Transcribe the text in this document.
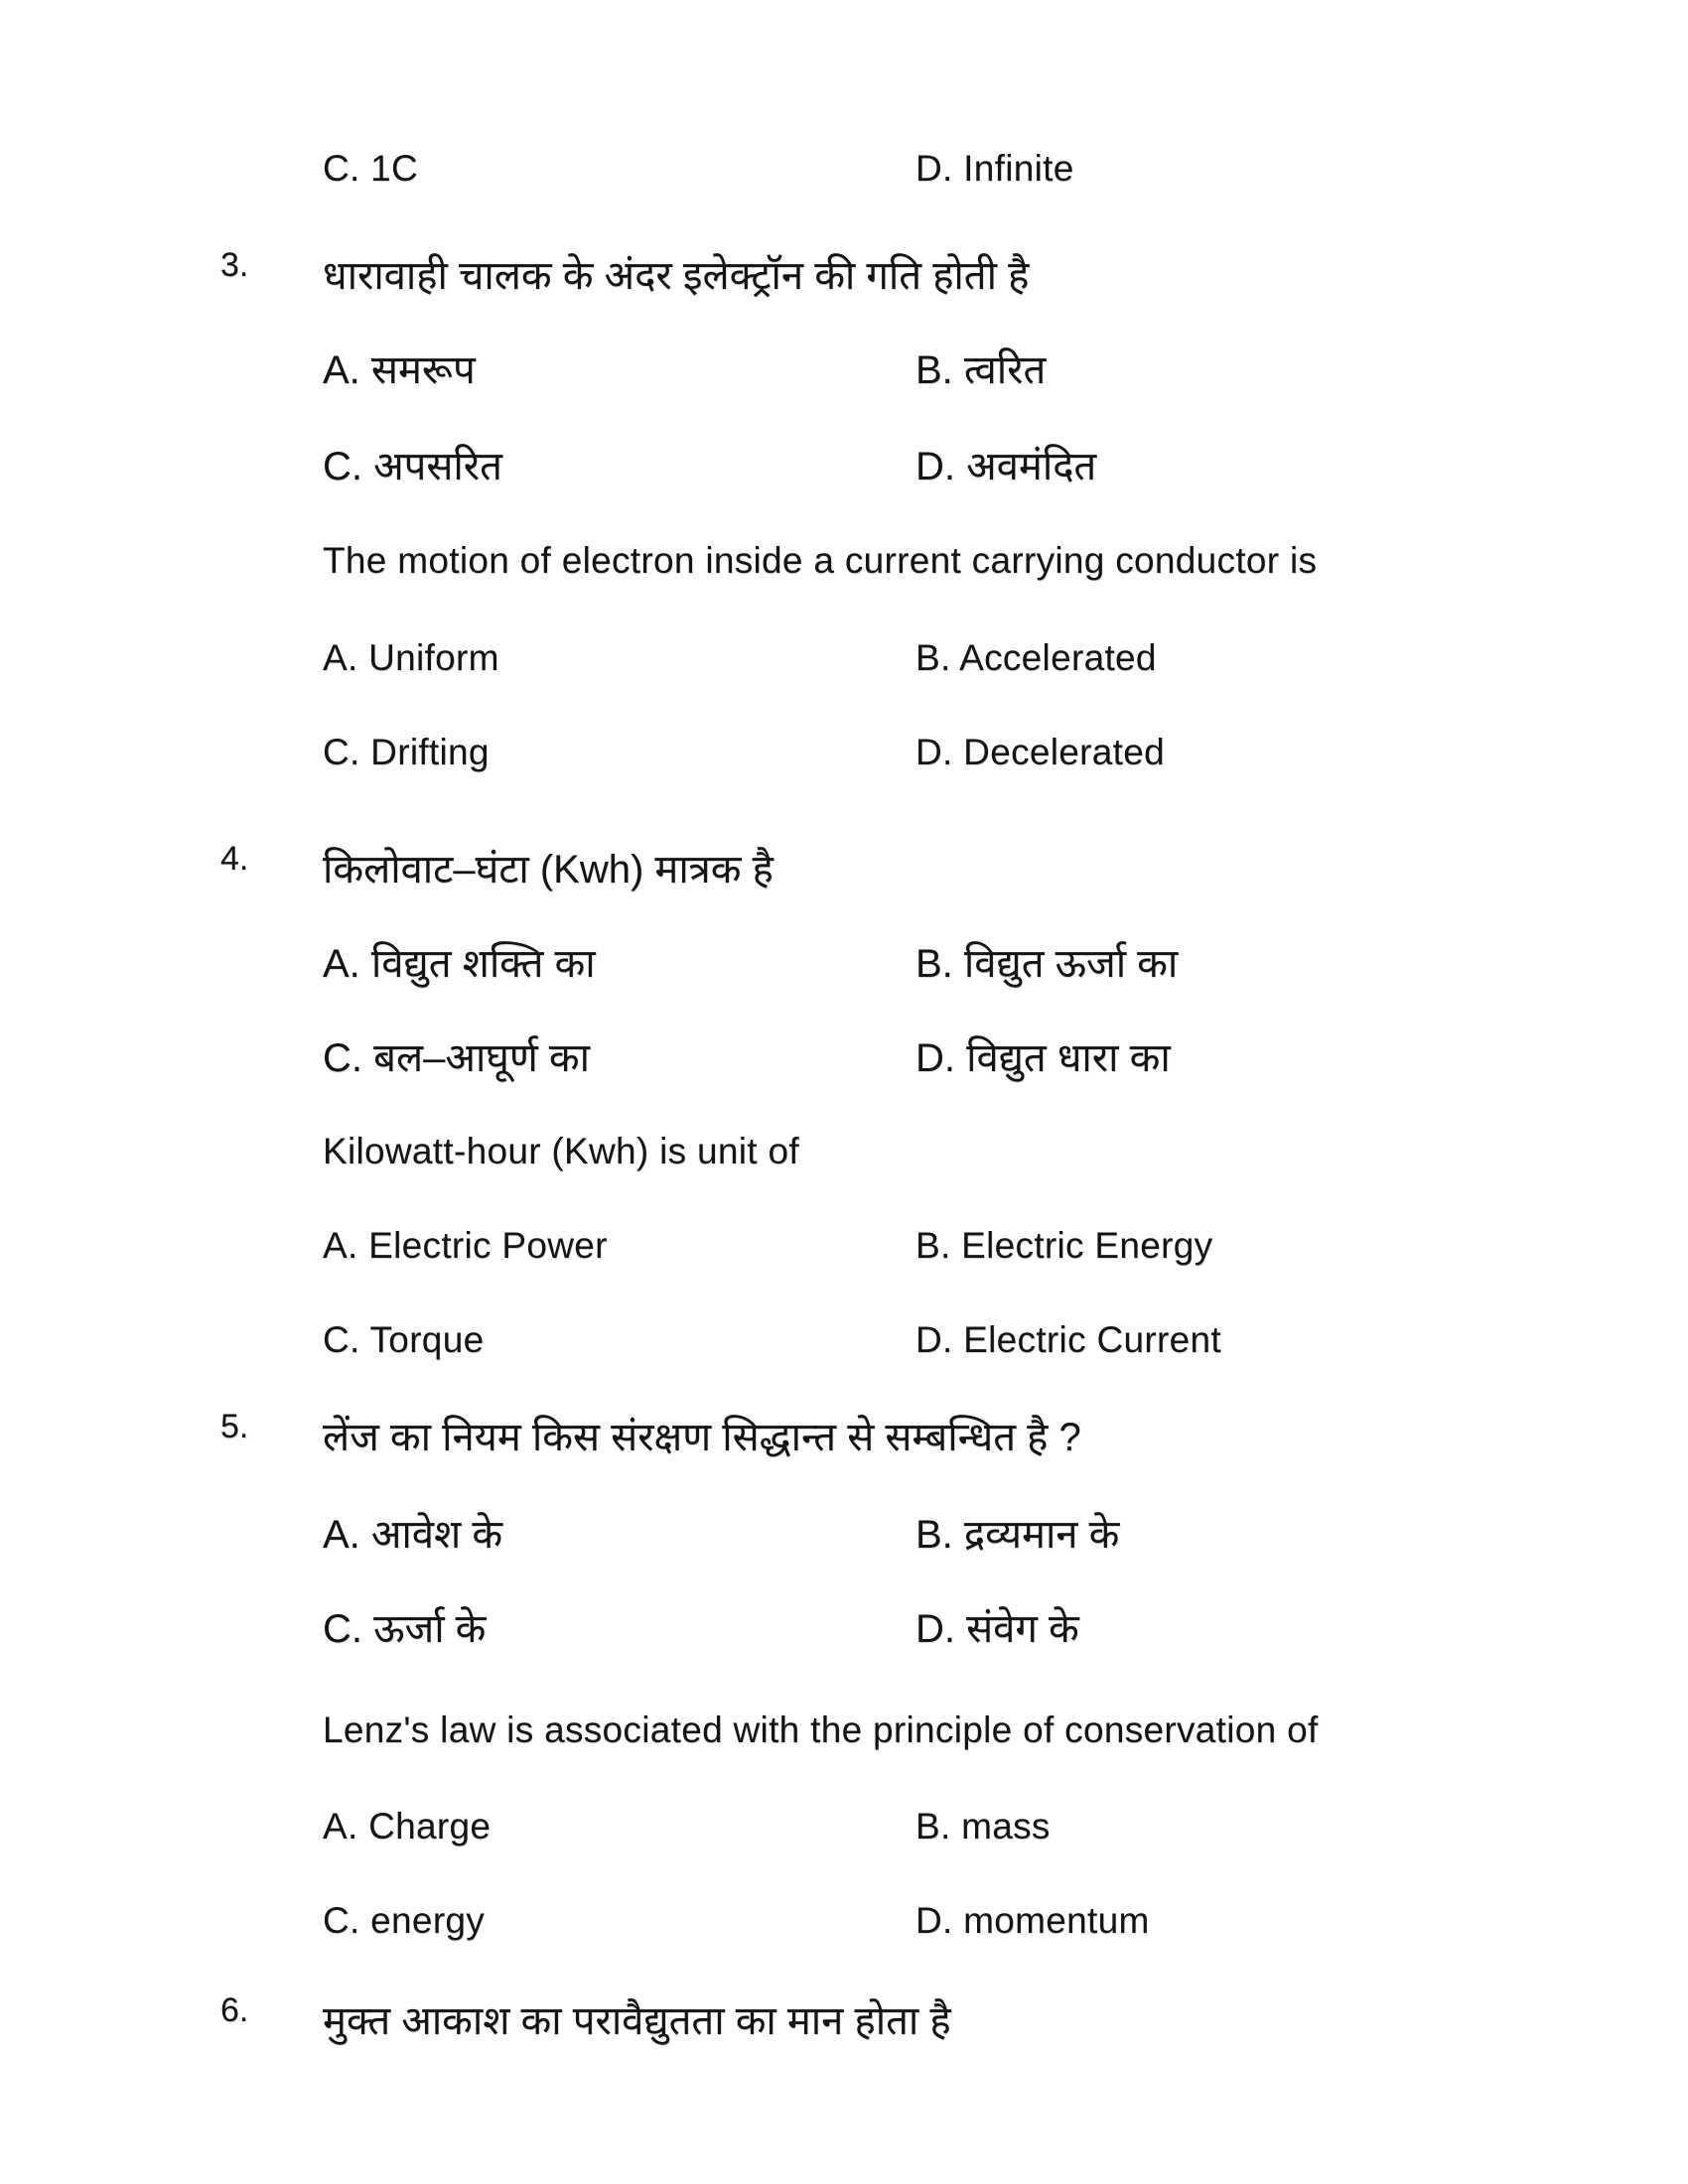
C. 1C	D. Infinite
3. धारावाही चालक के अंदर इलेक्ट्रॉन की गति होती है
A. समरूप	B. त्वरित
C. अपसरित	D. अवमंदित
The motion of electron inside a current carrying conductor is
A. Uniform	B. Accelerated
C. Drifting	D. Decelerated
4. किलोवाट–घंटा (Kwh) मात्रक है
A. विद्युत शक्ति का	B. विद्युत ऊर्जा का
C. बल–आघूर्ण का	D. विद्युत धारा का
Kilowatt-hour (Kwh) is unit of
A. Electric Power	B. Electric Energy
C. Torque	D. Electric Current
5. लेंज का नियम किस संरक्षण सिद्धान्त से सम्बन्धित है ?
A. आवेश के	B. द्रव्यमान के
C. ऊर्जा के	D. संवेग के
Lenz's law is associated with the principle of conservation of
A. Charge	B. mass
C. energy	D. momentum
6. मुक्त आकाश का परावैद्युतता का मान होता है
